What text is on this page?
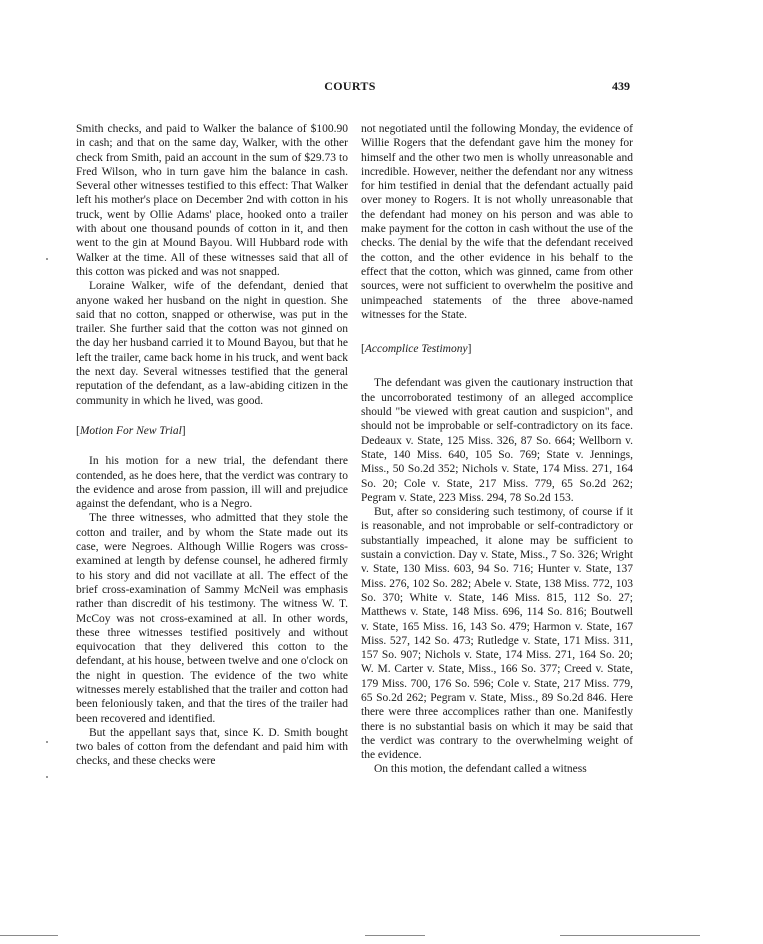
COURTS	439

Smith checks, and paid to Walker the balance of $100.90 in cash; and that on the same day, Walker, with the other check from Smith, paid an account in the sum of $29.73 to Fred Wilson, who in turn gave him the balance in cash. Several other witnesses testified to this effect: That Walker left his mother's place on December 2nd with cotton in his truck, went by Ollie Adams' place, hooked onto a trailer with about one thousand pounds of cotton in it, and then went to the gin at Mound Bayou. Will Hubbard rode with Walker at the time. All of these witnesses said that all of this cotton was picked and was not snapped.

Loraine Walker, wife of the defendant, denied that anyone waked her husband on the night in question. She said that no cotton, snapped or otherwise, was put in the trailer. She further said that the cotton was not ginned on the day her husband carried it to Mound Bayou, but that he left the trailer, came back home in his truck, and went back the next day. Several witnesses testified that the general reputation of the defendant, as a law-abiding citizen in the community in which he lived, was good.

[Motion For New Trial]

In his motion for a new trial, the defendant there contended, as he does here, that the verdict was contrary to the evidence and arose from passion, ill will and prejudice against the defendant, who is a Negro.

The three witnesses, who admitted that they stole the cotton and trailer, and by whom the State made out its case, were Negroes. Although Willie Rogers was cross-examined at length by defense counsel, he adhered firmly to his story and did not vacillate at all. The effect of the brief cross-examination of Sammy McNeil was emphasis rather than discredit of his testimony. The witness W. T. McCoy was not cross-examined at all. In other words, these three witnesses testified positively and without equivocation that they delivered this cotton to the defendant, at his house, between twelve and one o'clock on the night in question. The evidence of the two white witnesses merely established that the trailer and cotton had been feloniously taken, and that the tires of the trailer had been recovered and identified.

But the appellant says that, since K. D. Smith bought two bales of cotton from the defendant and paid him with checks, and these checks were

not negotiated until the following Monday, the evidence of Willie Rogers that the defendant gave him the money for himself and the other two men is wholly unreasonable and incredible. However, neither the defendant nor any witness for him testified in denial that the defendant actually paid over money to Rogers. It is not wholly unreasonable that the defendant had money on his person and was able to make payment for the cotton in cash without the use of the checks. The denial by the wife that the defendant received the cotton, and the other evidence in his behalf to the effect that the cotton, which was ginned, came from other sources, were not sufficient to overwhelm the positive and unimpeached statements of the three above-named witnesses for the State.

[Accomplice Testimony]

The defendant was given the cautionary instruction that the uncorroborated testimony of an alleged accomplice should "be viewed with great caution and suspicion", and should not be improbable or self-contradictory on its face. Dedeaux v. State, 125 Miss. 326, 87 So. 664; Wellborn v. State, 140 Miss. 640, 105 So. 769; State v. Jennings, Miss., 50 So.2d 352; Nichols v. State, 174 Miss. 271, 164 So. 20; Cole v. State, 217 Miss. 779, 65 So.2d 262; Pegram v. State, 223 Miss. 294, 78 So.2d 153.

But, after so considering such testimony, of course if it is reasonable, and not improbable or self-contradictory or substantially impeached, it alone may be sufficient to sustain a conviction. Day v. State, Miss., 7 So. 326; Wright v. State, 130 Miss. 603, 94 So. 716; Hunter v. State, 137 Miss. 276, 102 So. 282; Abele v. State, 138 Miss. 772, 103 So. 370; White v. State, 146 Miss. 815, 112 So. 27; Matthews v. State, 148 Miss. 696, 114 So. 816; Boutwell v. State, 165 Miss. 16, 143 So. 479; Harmon v. State, 167 Miss. 527, 142 So. 473; Rutledge v. State, 171 Miss. 311, 157 So. 907; Nichols v. State, 174 Miss. 271, 164 So. 20; W. M. Carter v. State, Miss., 166 So. 377; Creed v. State, 179 Miss. 700, 176 So. 596; Cole v. State, 217 Miss. 779, 65 So.2d 262; Pegram v. State, Miss., 89 So.2d 846. Here there were three accomplices rather than one. Manifestly there is no substantial basis on which it may be said that the verdict was contrary to the overwhelming weight of the evidence.

On this motion, the defendant called a witness
